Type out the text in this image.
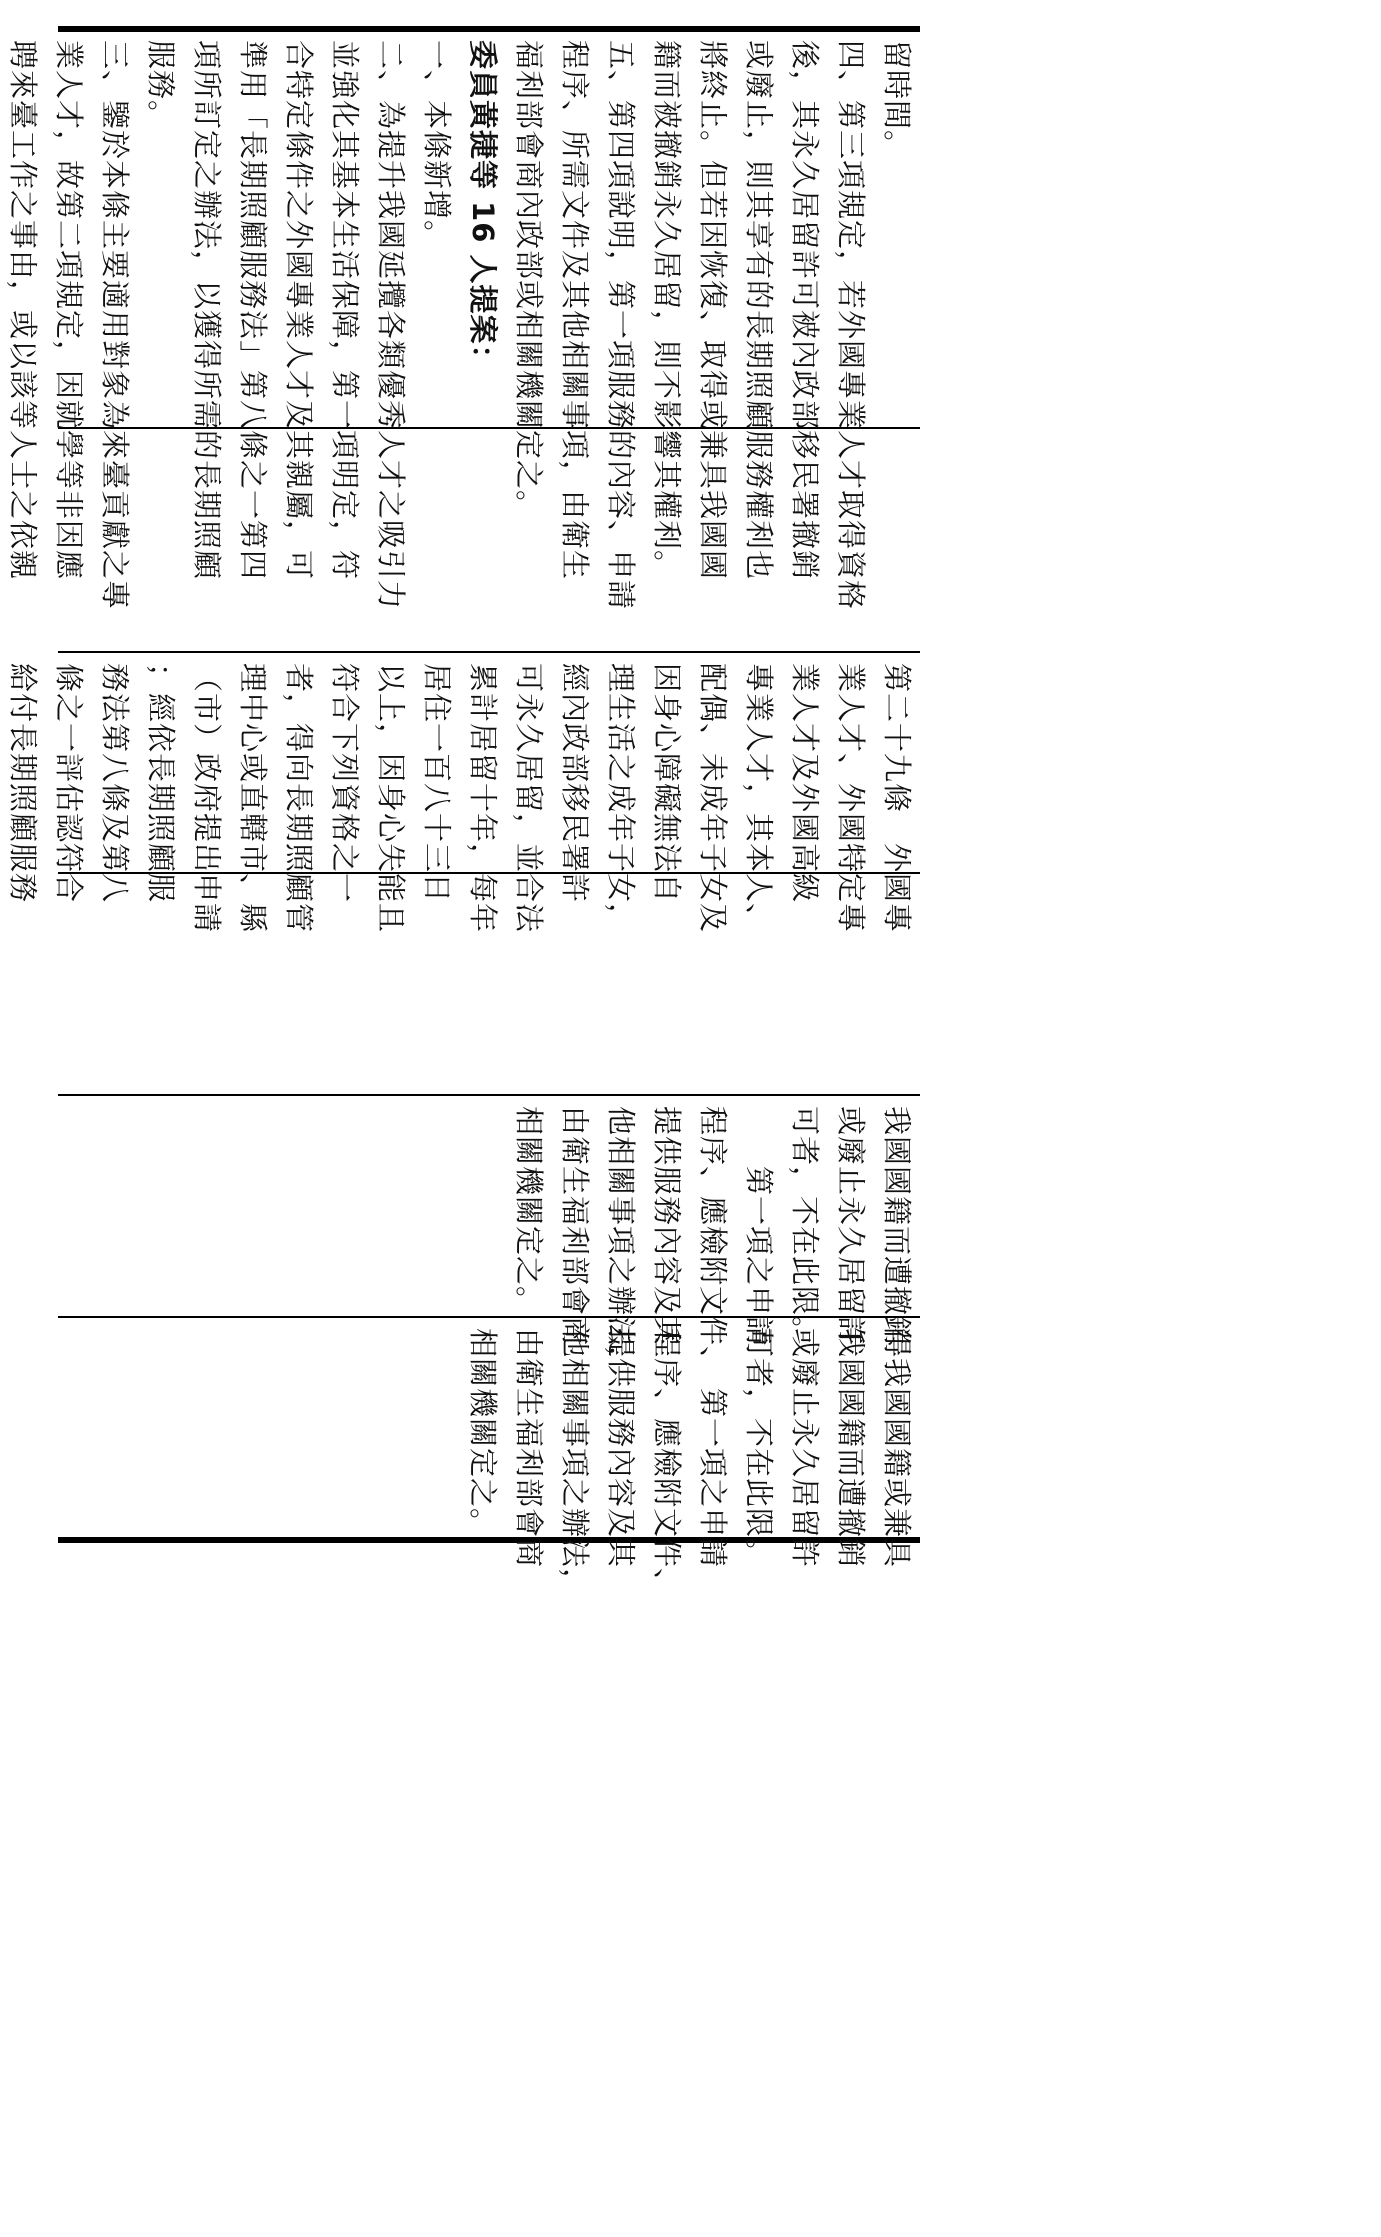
留時間。
四、第三項規定，若外國專業人才取得資格
後，其永久居留許可被內政部移民署撤銷
或廢止，則其享有的長期照顧服務權利也
將終止。但若因恢復、取得或兼具我國國
籍而被撤銷永久居留，則不影響其權利。
五、第四項說明，第一項服務的內容、申請
程序、所需文件及其他相關事項，由衛生
福利部會商內政部或相關機關定之。
委員黃捷等 16 人提案：
一、本條新增。
二、為提升我國延攬各類優秀人才之吸引力
並強化其基本生活保障，第一項明定，符
合特定條件之外國專業人才及其親屬，可
準用「長期照顧服務法」第八條之一第四
項所訂定之辦法，以獲得所需的長期照顧
服務。
三、鑒於本條主要適用對象為來臺貢獻之專
業人才，故第二項規定，因就學等非因應
聘來臺工作之事由，或以該等人士之依親
第二十九條　外國專
業人才、外國特定專
業人才及外國高級
專業人才，其本人、
配偶、未成年子女及
因身心障礙無法自
理生活之成年子女，
經內政部移民署許
可永久居留，並合法
累計居留十年，每年
居住一百八十三日
以上，因身心失能且
符合下列資格之一
者，得向長期照顧管
理中心或直轄市、縣
（市）政府提出申請
；經依長期照顧服
務法第八條及第八
條之一評估認符合
給付長期照顧服務
我國國籍而遭撤銷
或廢止永久居留許
可者，不在此限。
　　第一項之申請
程序、應檢附文件、
提供服務內容及其
他相關事項之辦法，
由衛生福利部會商
相關機關定之。
得我國國籍或兼具
我國國籍而遭撤銷
或廢止永久居留許
可者，不在此限。
　　第一項之申請
程序、應檢附文件、
提供服務內容及其
他相關事項之辦法，
由衛生福利部會商
相關機關定之。
